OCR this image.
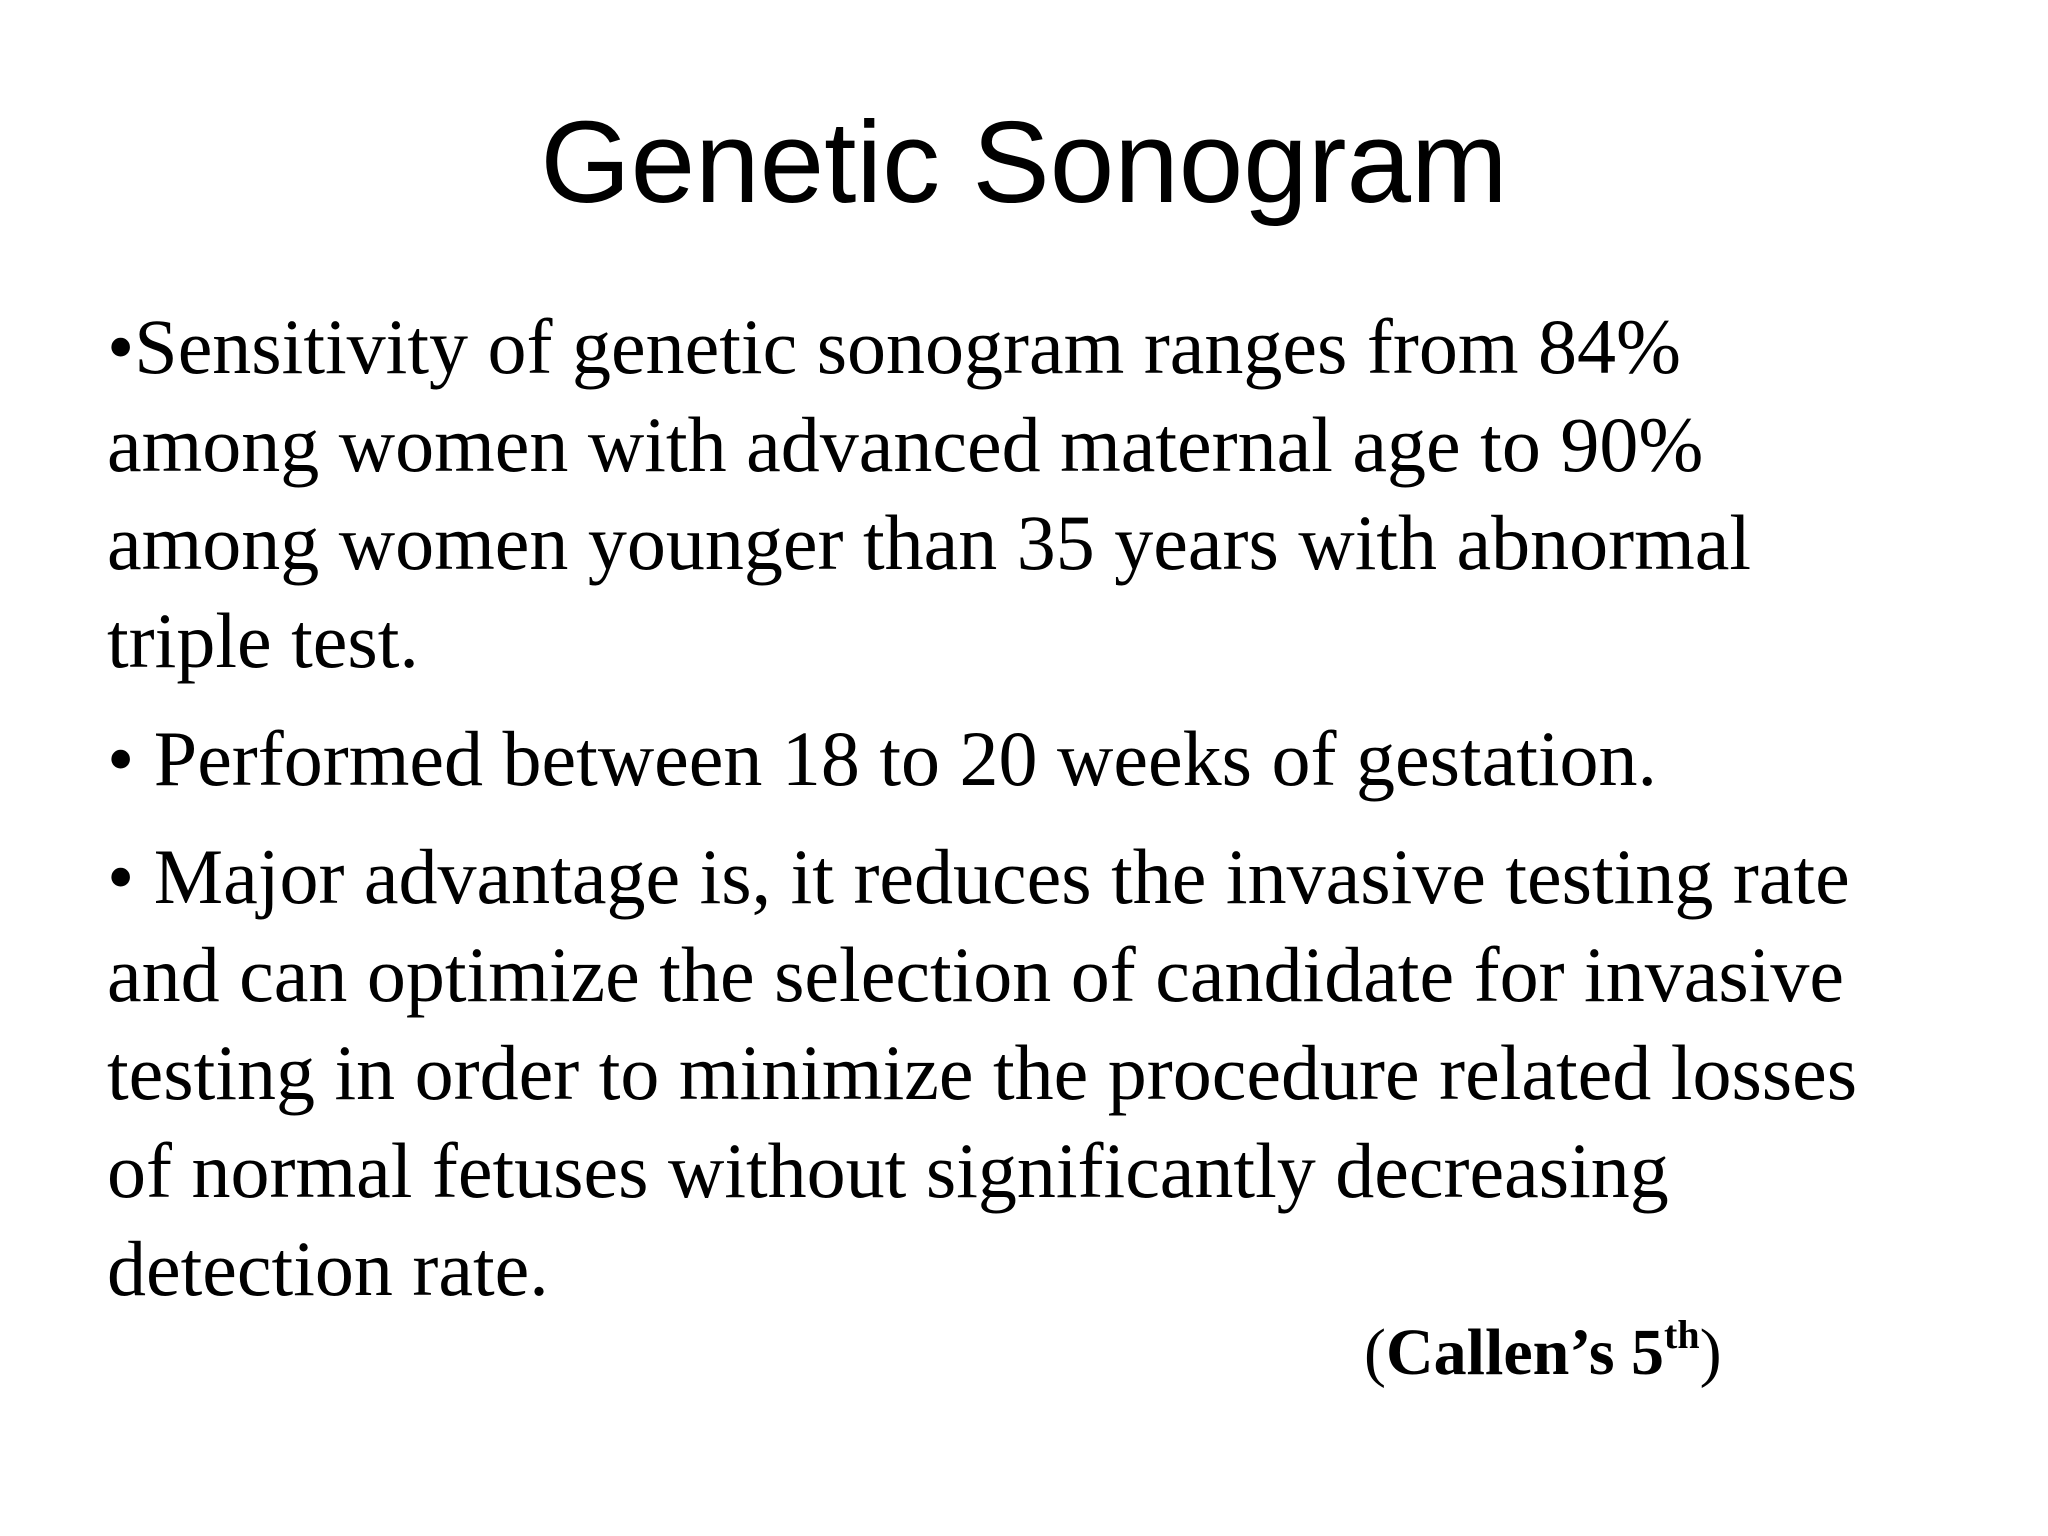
Genetic Sonogram

•Sensitivity of genetic sonogram ranges from 84%
among women with advanced maternal age to 90%
among women younger than 35 years with abnormal
triple test.

• Performed between 18 to 20 weeks of gestation.

• Major advantage is, it reduces the invasive testing rate
and can optimize the selection of candidate for invasive
testing in order to minimize the procedure related losses
of normal fetuses without significantly decreasing
detection rate.

(Callen’s 5th)
